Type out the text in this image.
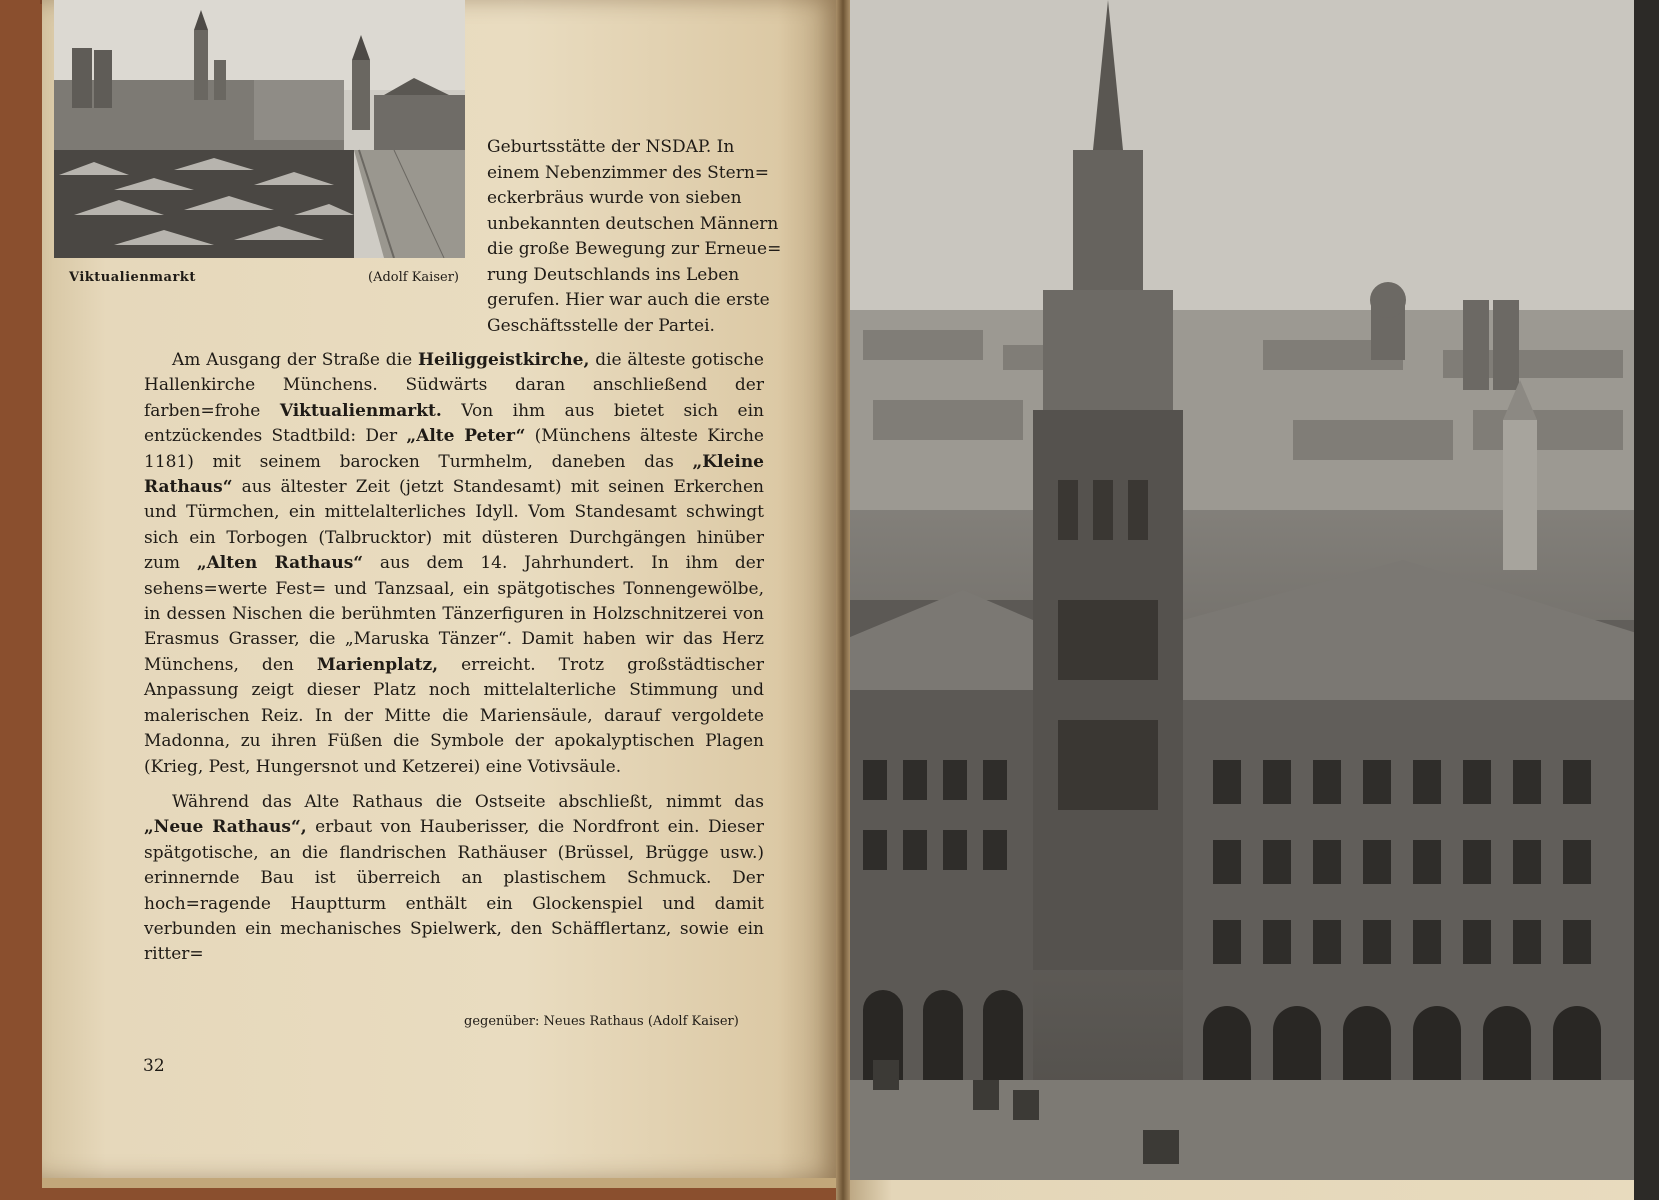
Viktualienmarkt	(Adolf Kaiser)
Geburtsstätte der NSDAP. In
einem Nebenzimmer des Stern=
eckerbräus wurde von sieben
unbekannten deutschen Männern
die große Bewegung zur Erneue=
rung Deutschlands ins Leben
gerufen. Hier war auch die erste
Geschäftsstelle der Partei.

Am Ausgang der Straße die Heiliggeistkirche, die älteste gotische Hallenkirche Münchens. Südwärts daran anschließend der farben=frohe Viktualienmarkt. Von ihm aus bietet sich ein entzückendes Stadtbild: Der „Alte Peter“ (Münchens älteste Kirche 1181) mit seinem barocken Turmhelm, daneben das „Kleine Rathaus“ aus ältester Zeit (jetzt Standesamt) mit seinen Erkerchen und Türmchen, ein mittelalterliches Idyll. Vom Standesamt schwingt sich ein Torbogen (Talbrucktor) mit düsteren Durchgängen hinüber zum „Alten Rathaus“ aus dem 14. Jahrhundert. In ihm der sehens=werte Fest= und Tanzsaal, ein spätgotisches Tonnengewölbe, in dessen Nischen die berühmten Tänzerfiguren in Holzschnitzerei von Erasmus Grasser, die „Maruska Tänzer“. Damit haben wir das Herz Münchens, den Marienplatz, erreicht. Trotz großstädtischer Anpassung zeigt dieser Platz noch mittelalterliche Stimmung und malerischen Reiz. In der Mitte die Mariensäule, darauf vergoldete Madonna, zu ihren Füßen die Symbole der apokalyptischen Plagen (Krieg, Pest, Hungersnot und Ketzerei) eine Votivsäule.

Während das Alte Rathaus die Ostseite abschließt, nimmt das „Neue Rathaus“, erbaut von Hauberisser, die Nordfront ein. Dieser spätgotische, an die flandrischen Rathäuser (Brüssel, Brügge usw.) erinnernde Bau ist überreich an plastischem Schmuck. Der hoch=ragende Hauptturm enthält ein Glockenspiel und damit verbunden ein mechanisches Spielwerk, den Schäfflertanz, sowie ein ritter=

gegenüber: Neues Rathaus (Adolf Kaiser)
32
